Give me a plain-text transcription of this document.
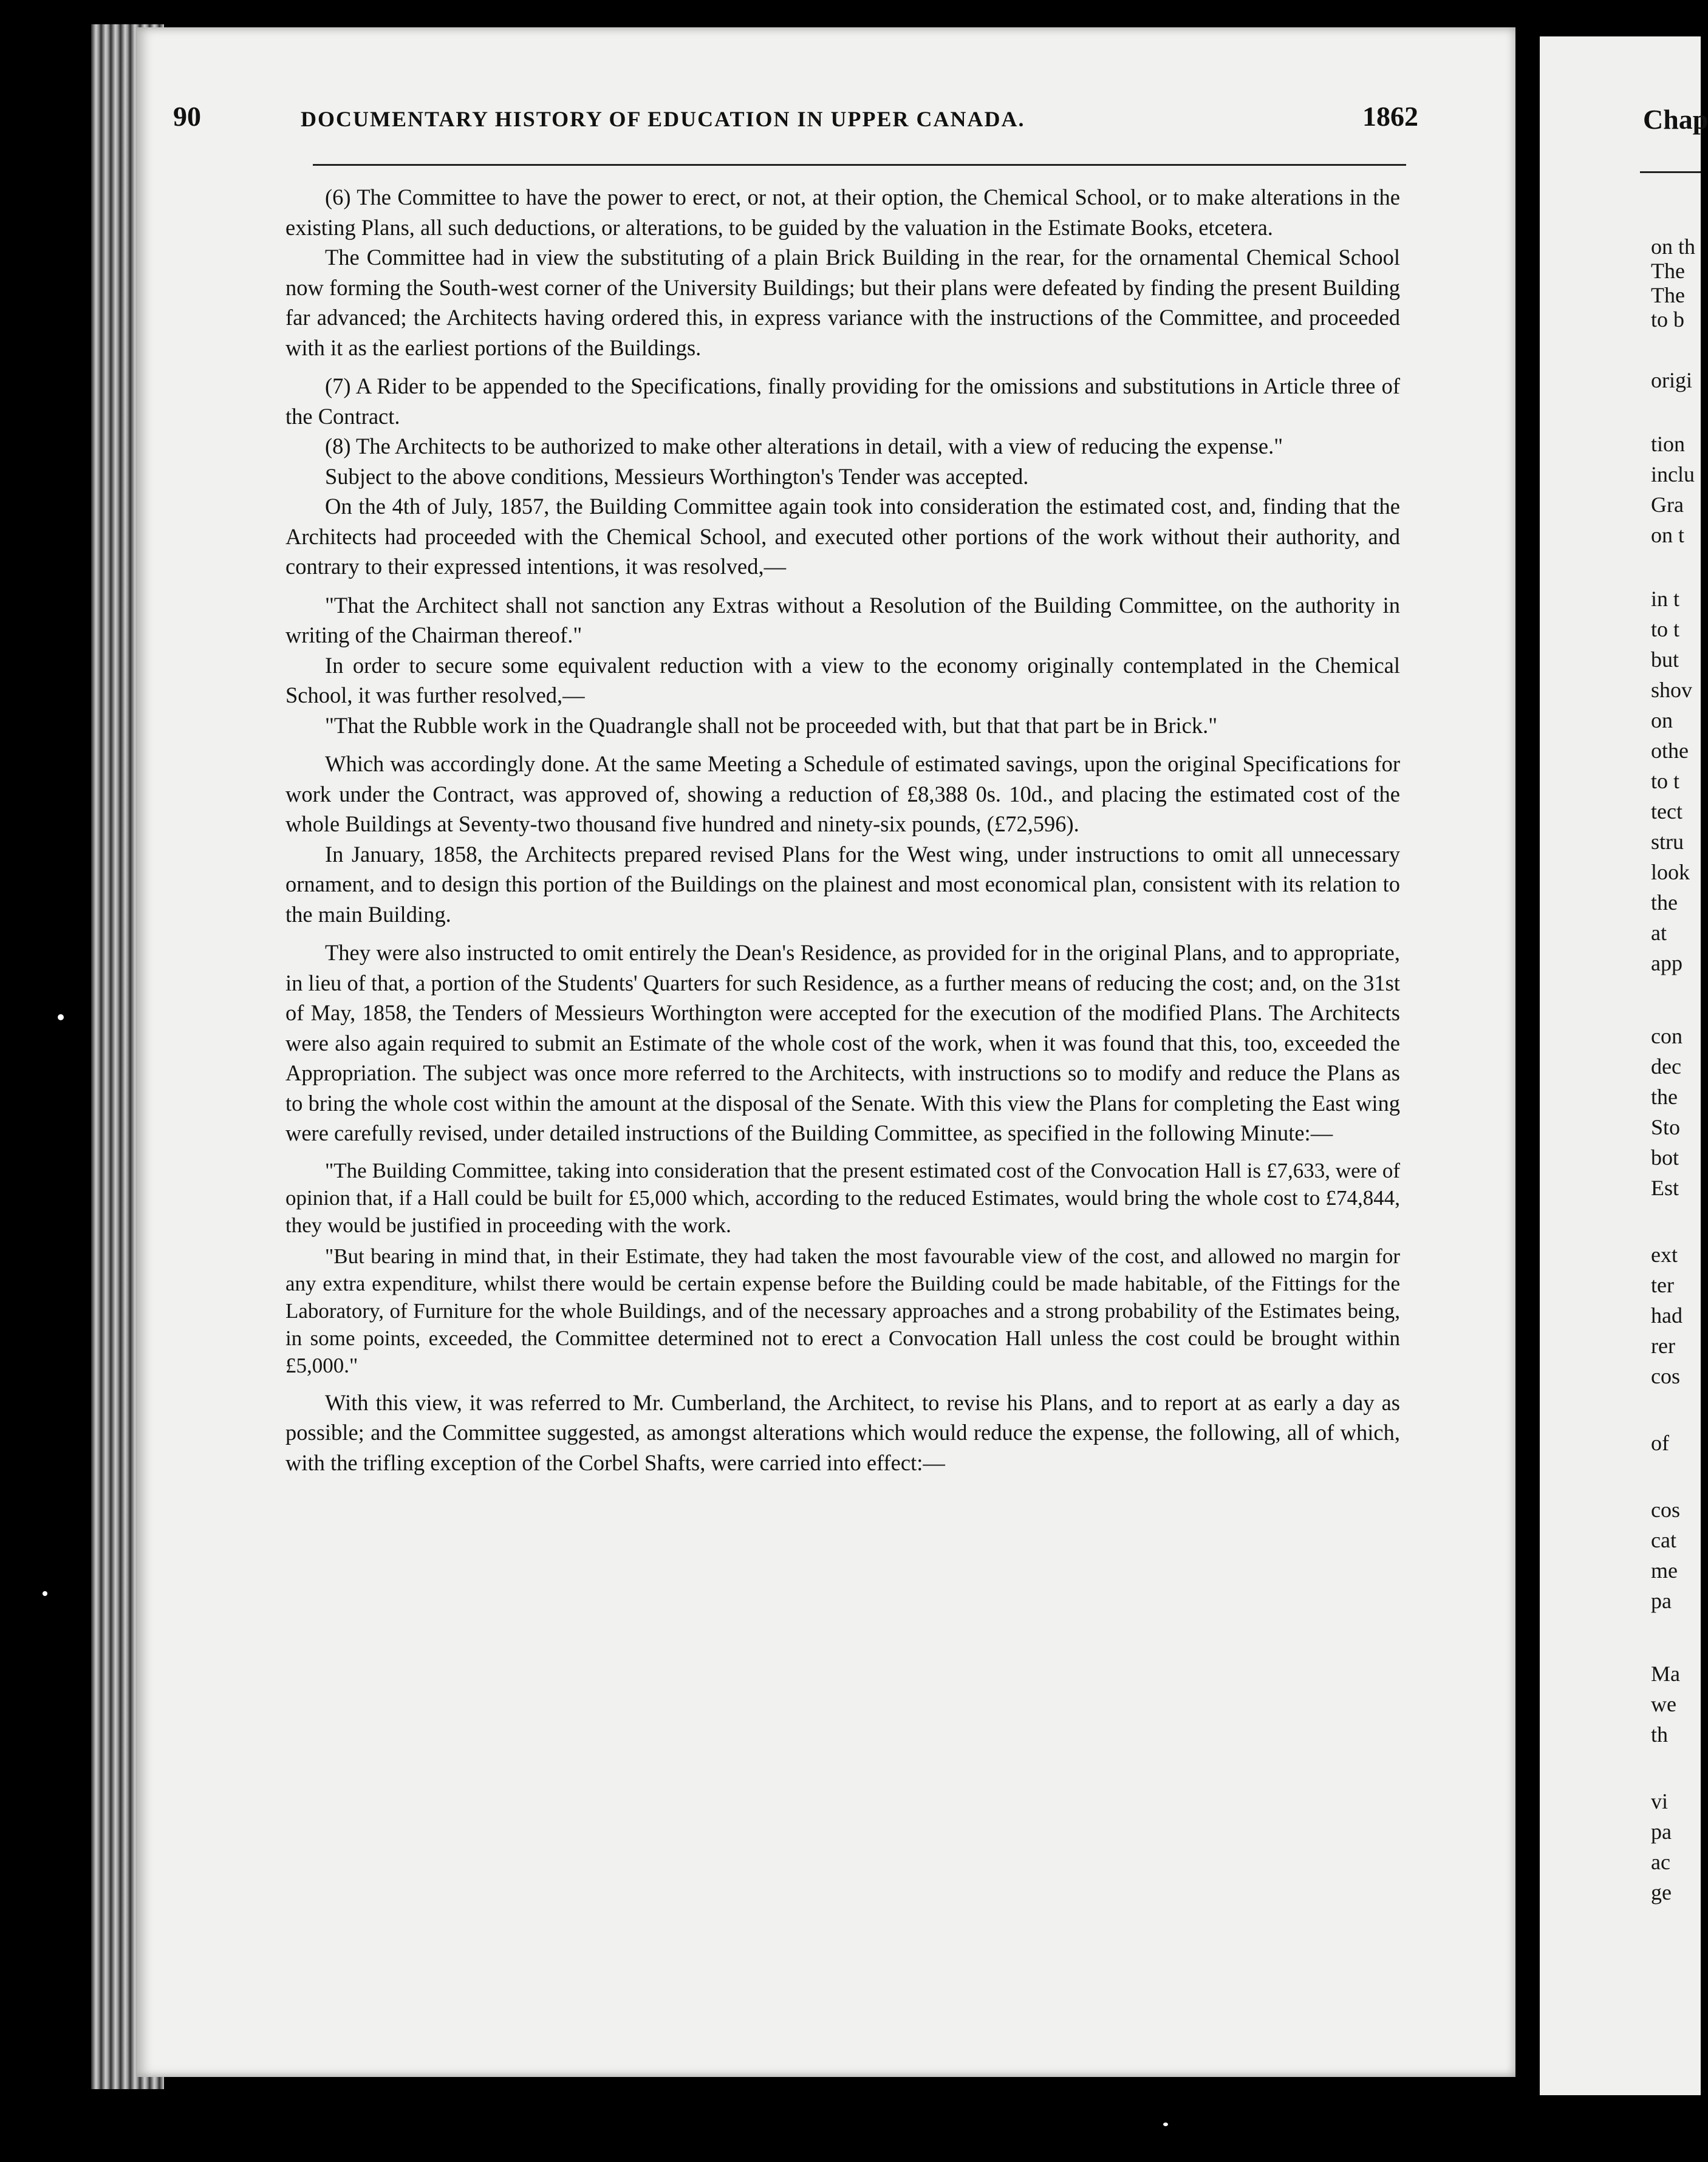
90	DOCUMENTARY HISTORY OF EDUCATION IN UPPER CANADA.	1862

(6) The Committee to have the power to erect, or not, at their option, the Chemical School, or to make alterations in the existing Plans, all such deductions, or alterations, to be guided by the valuation in the Estimate Books, etcetera.

The Committee had in view the substituting of a plain Brick Building in the rear, for the ornamental Chemical School now forming the South-west corner of the University Buildings; but their plans were defeated by finding the present Building far advanced; the Architects having ordered this, in express variance with the instructions of the Committee, and proceeded with it as the earliest portions of the Buildings.

(7) A Rider to be appended to the Specifications, finally providing for the omissions and substitutions in Article three of the Contract.

(8) The Architects to be authorized to make other alterations in detail, with a view of reducing the expense."

Subject to the above conditions, Messieurs Worthington's Tender was accepted.

On the 4th of July, 1857, the Building Committee again took into consideration the estimated cost, and, finding that the Architects had proceeded with the Chemical School, and executed other portions of the work without their authority, and contrary to their expressed intentions, it was resolved,—

"That the Architect shall not sanction any Extras without a Resolution of the Building Committee, on the authority in writing of the Chairman thereof."

In order to secure some equivalent reduction with a view to the economy originally contemplated in the Chemical School, it was further resolved,—

"That the Rubble work in the Quadrangle shall not be proceeded with, but that that part be in Brick."

Which was accordingly done. At the same Meeting a Schedule of estimated savings, upon the original Specifications for work under the Contract, was approved of, showing a reduction of £8,388 0s. 10d., and placing the estimated cost of the whole Buildings at Seventy-two thousand five hundred and ninety-six pounds, (£72,596).

In January, 1858, the Architects prepared revised Plans for the West wing, under instructions to omit all unnecessary ornament, and to design this portion of the Buildings on the plainest and most economical plan, consistent with its relation to the main Building.

They were also instructed to omit entirely the Dean's Residence, as provided for in the original Plans, and to appropriate, in lieu of that, a portion of the Students' Quarters for such Residence, as a further means of reducing the cost; and, on the 31st of May, 1858, the Tenders of Messieurs Worthington were accepted for the execution of the modified Plans. The Architects were also again required to submit an Estimate of the whole cost of the work, when it was found that this, too, exceeded the Appropriation. The subject was once more referred to the Architects, with instructions so to modify and reduce the Plans as to bring the whole cost within the amount at the disposal of the Senate. With this view the Plans for completing the East wing were carefully revised, under detailed instructions of the Building Committee, as specified in the following Minute:—

"The Building Committee, taking into consideration that the present estimated cost of the Convocation Hall is £7,633, were of opinion that, if a Hall could be built for £5,000 which, according to the reduced Estimates, would bring the whole cost to £74,844, they would be justified in proceeding with the work.

"But bearing in mind that, in their Estimate, they had taken the most favourable view of the cost, and allowed no margin for any extra expenditure, whilst there would be certain expense before the Building could be made habitable, of the Fittings for the Laboratory, of Furniture for the whole Buildings, and of the necessary approaches and a strong probability of the Estimates being, in some points, exceeded, the Committee determined not to erect a Convocation Hall unless the cost could be brought within £5,000."

With this view, it was referred to Mr. Cumberland, the Architect, to revise his Plans, and to report at as early a day as possible; and the Committee suggested, as amongst alterations which would reduce the expense, the following, all of which, with the trifling exception of the Corbel Shafts, were carried into effect:—

Chap
on th
The
The
to b
origi
tion
inclu
Gra
on t
in t
to t
but
shov
on
othe
to t
tect
stru
look
the
at
app
con
dec
the
Sto
bot
Est
ext
ter
had
rer
cos
of
cos
cat
me
pa
Ma
we
th
vi
pa
ac
ge
